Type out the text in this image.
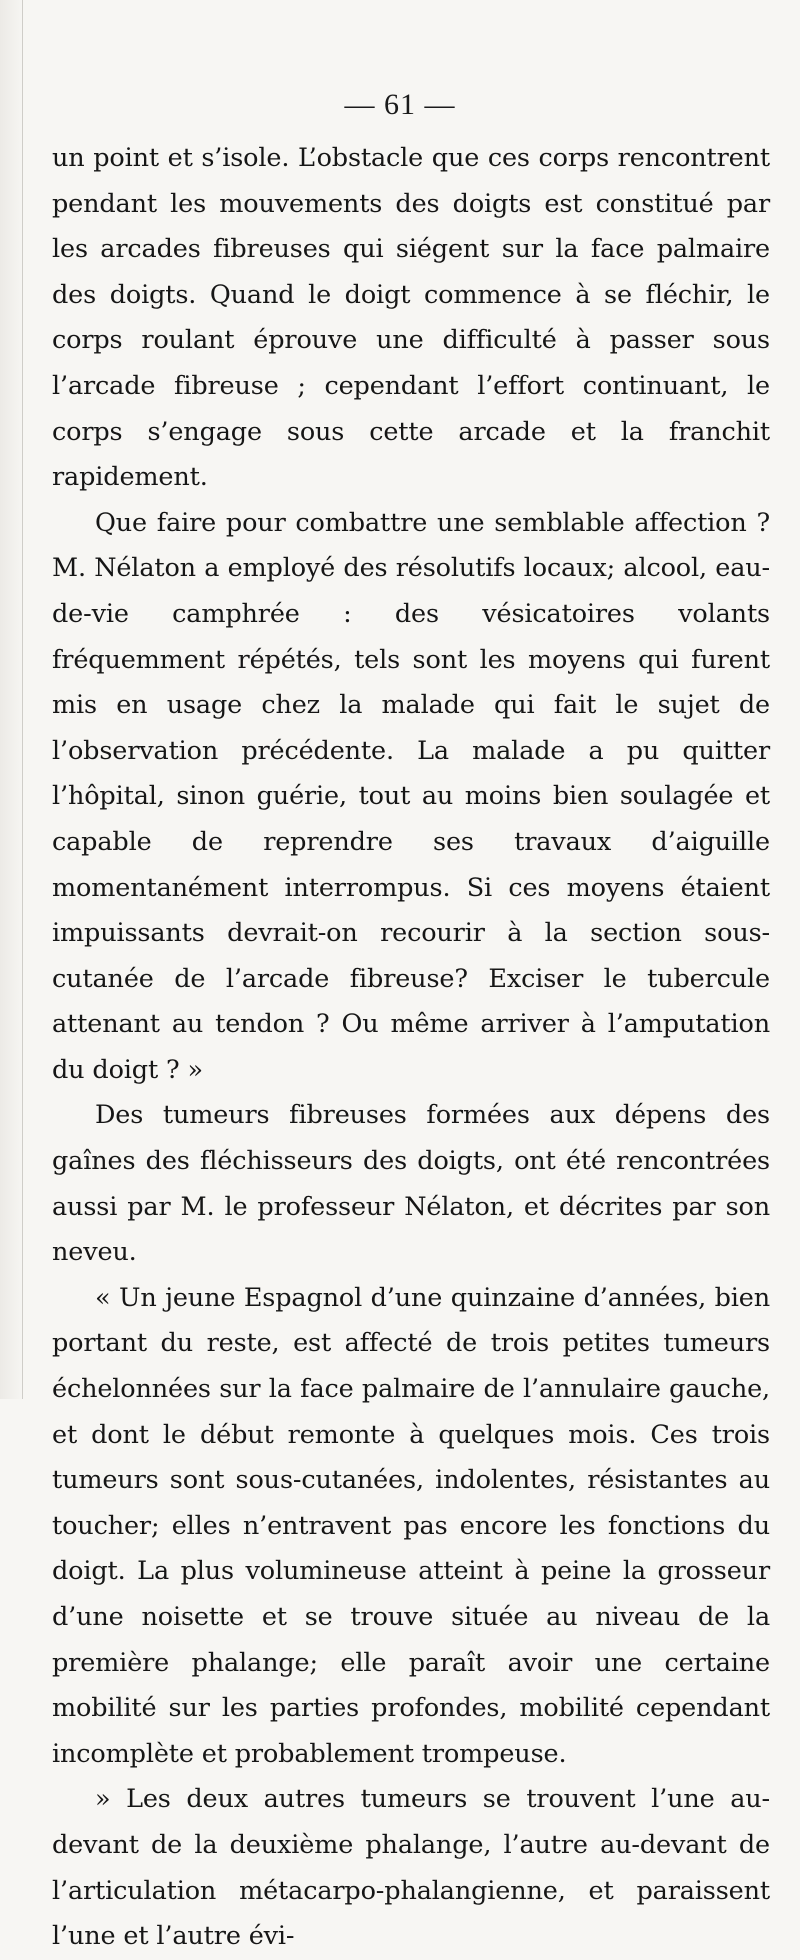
— 61 —

un point et s’isole. L’obstacle que ces corps rencontrent pendant les mouvements des doigts est constitué par les arcades fibreuses qui siégent sur la face palmaire des doigts. Quand le doigt commence à se fléchir, le corps roulant éprouve une difficulté à passer sous l’arcade fibreuse ; cependant l’effort continuant, le corps s’engage sous cette arcade et la franchit rapidement.

Que faire pour combattre une semblable affection ? M. Nélaton a employé des résolutifs locaux; alcool, eau-de-vie camphrée : des vésicatoires volants fréquemment répétés, tels sont les moyens qui furent mis en usage chez la malade qui fait le sujet de l’observation précédente. La malade a pu quitter l’hôpital, sinon guérie, tout au moins bien soulagée et capable de reprendre ses travaux d’aiguille momentanément interrompus. Si ces moyens étaient impuissants devrait-on recourir à la section sous-cutanée de l’arcade fibreuse? Exciser le tubercule attenant au tendon ? Ou même arriver à l’amputation du doigt ? »

Des tumeurs fibreuses formées aux dépens des gaînes des fléchisseurs des doigts, ont été rencontrées aussi par M. le professeur Nélaton, et décrites par son neveu.

« Un jeune Espagnol d’une quinzaine d’années, bien portant du reste, est affecté de trois petites tumeurs échelonnées sur la face palmaire de l’annulaire gauche, et dont le début remonte à quelques mois. Ces trois tumeurs sont sous-cutanées, indolentes, résistantes au toucher; elles n’entravent pas encore les fonctions du doigt. La plus volumineuse atteint à peine la grosseur d’une noisette et se trouve située au niveau de la première phalange; elle paraît avoir une certaine mobilité sur les parties profondes, mobilité cependant incomplète et probablement trompeuse.

» Les deux autres tumeurs se trouvent l’une au-devant de la deuxième phalange, l’autre au-devant de l’articulation métacarpo-phalangienne, et paraissent l’une et l’autre évi-
